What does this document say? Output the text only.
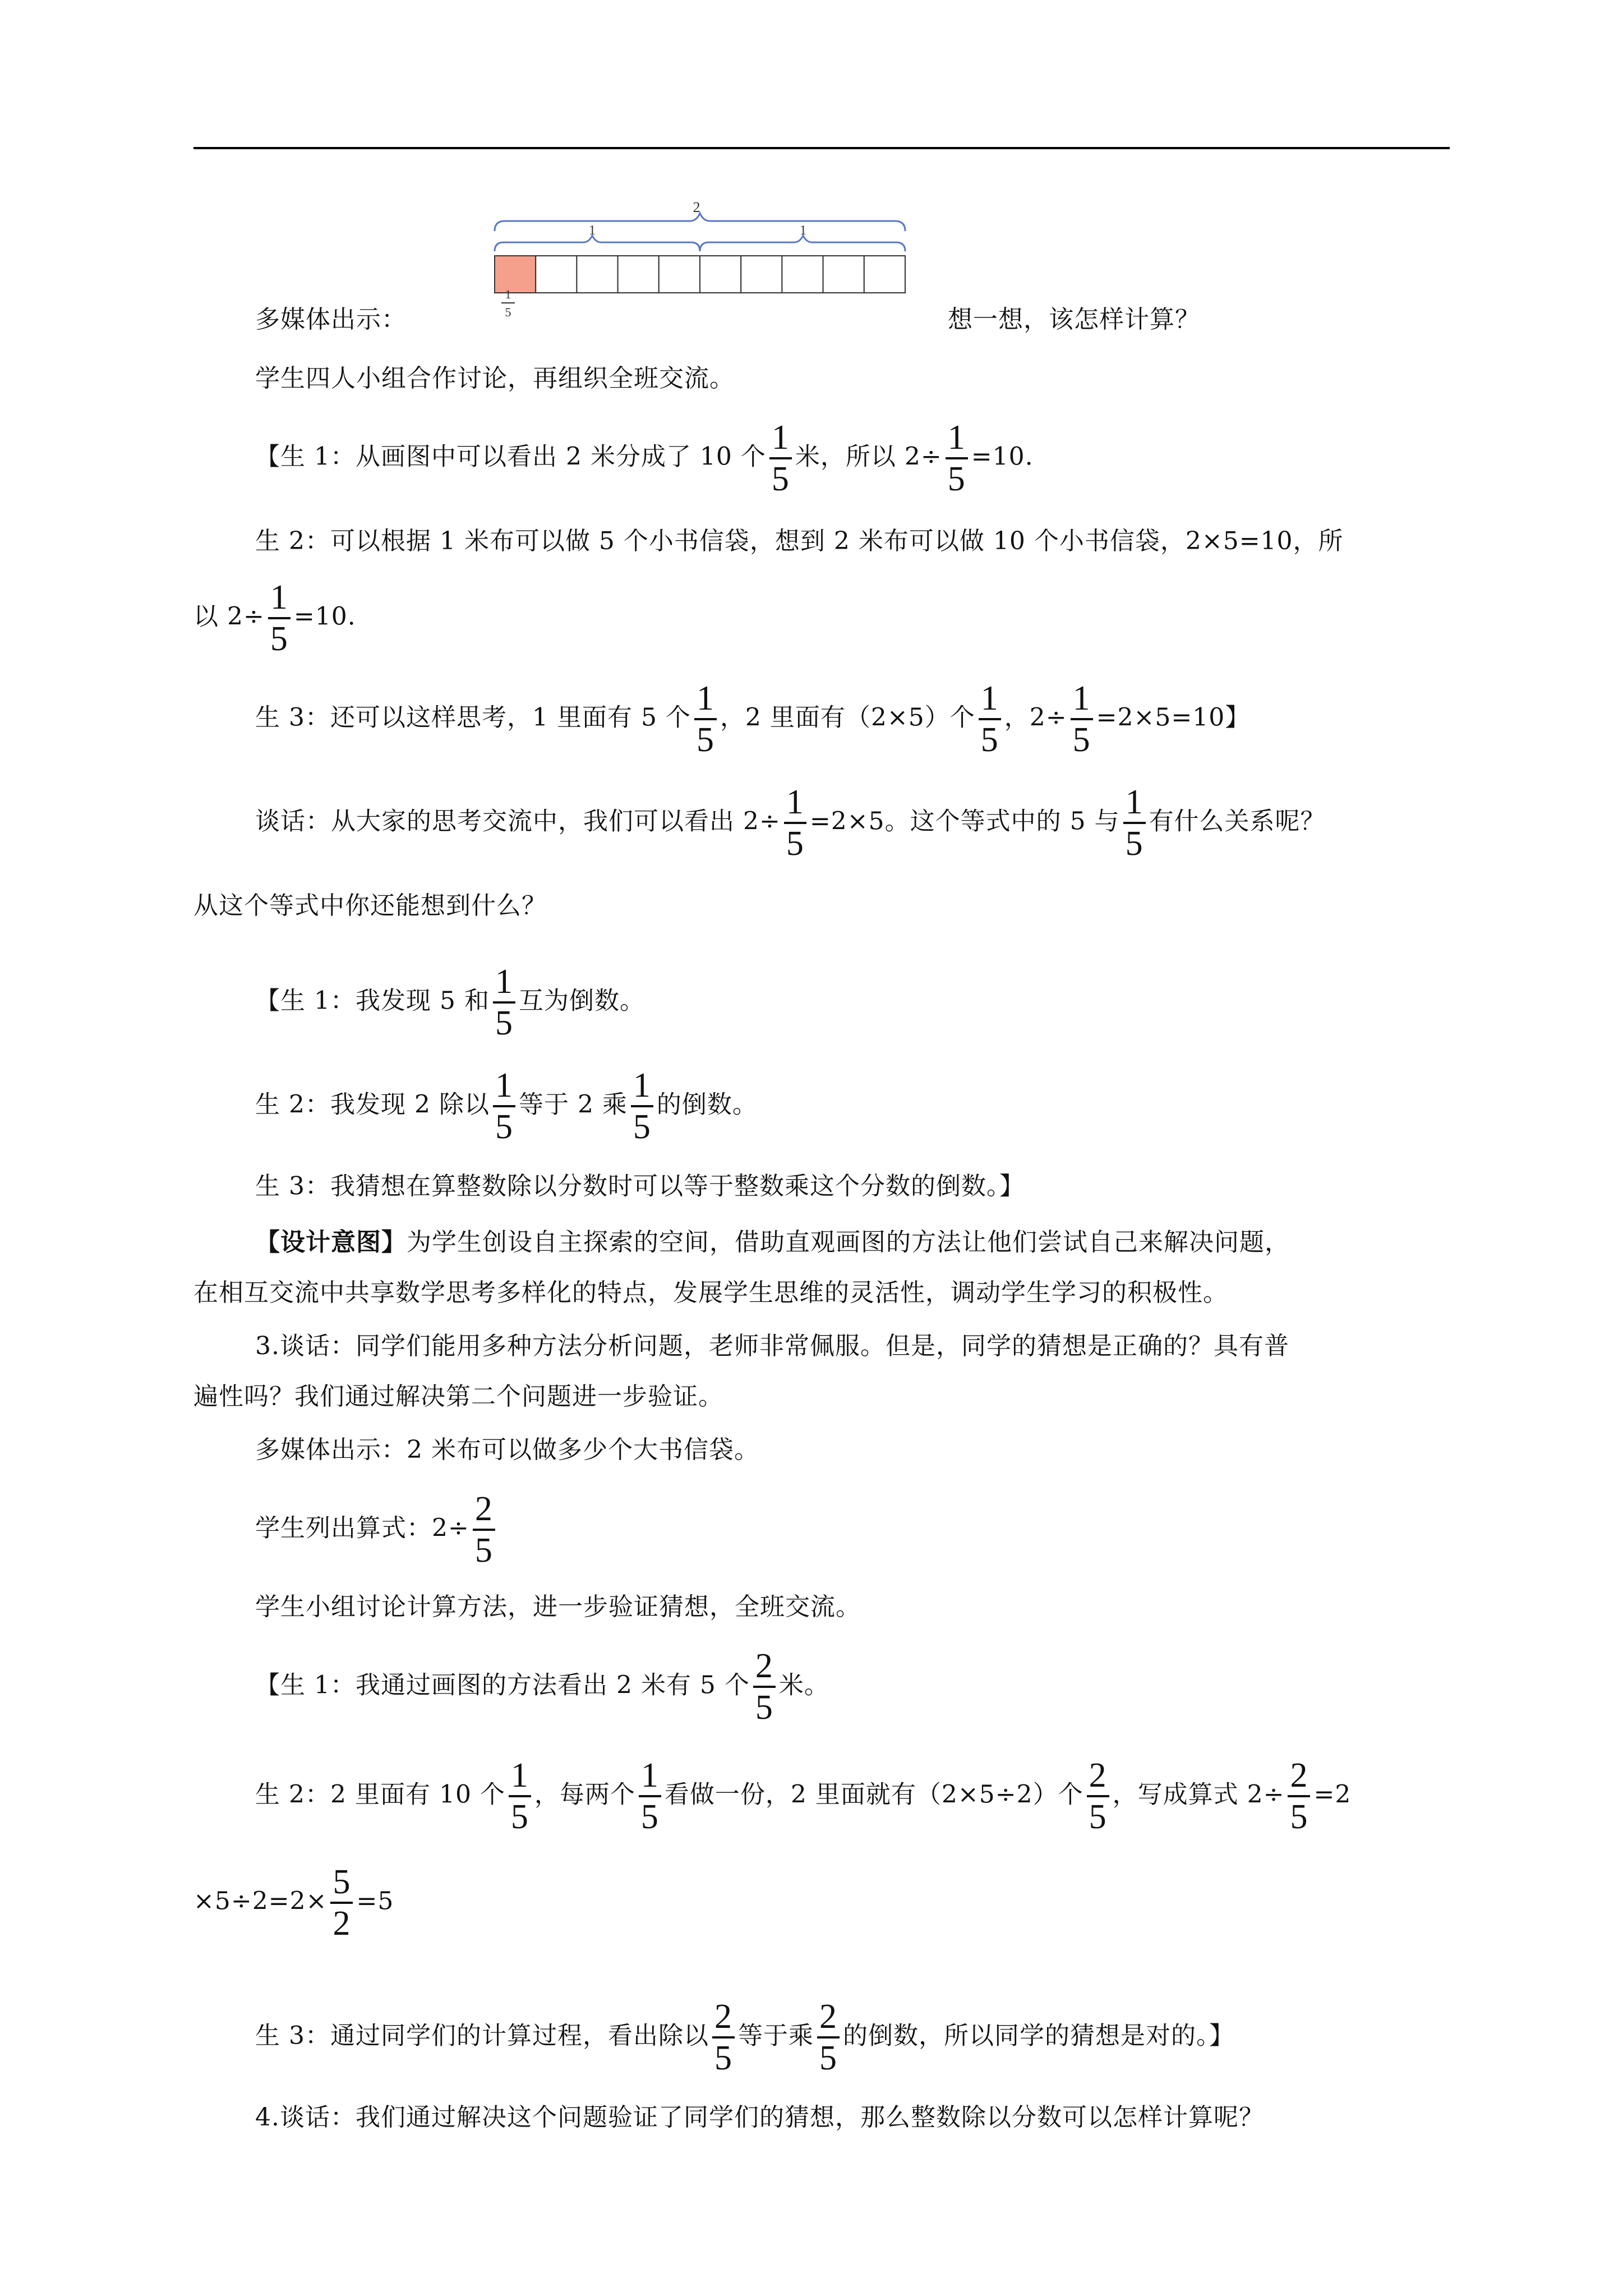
2
1	1
1
5
多媒体出示：	想一想，该怎样计算？
学生四人小组合作讨论，再组织全班交流。
【生 1：从画图中可以看出 2 米分成了 10 个 $\frac{1}{5}$ 米，所以 $2\div \frac{1}{5} =10$.
生 2：可以根据 1 米布可以做 5 个小书信袋，想到 2 米布可以做 10 个小书信袋，2×5=10，所
以 $2\div \frac{1}{5} =10$.
生 3：还可以这样思考，1 里面有 5 个 $\frac{1}{5}$ ，2 里面有（2×5）个 $\frac{1}{5}$ ，$2\div \frac{1}{5} =2\times 5=10$】
谈话：从大家的思考交流中，我们可以看出 $2\div \frac{1}{5} =2\times 5$。这个等式中的 5 与 $\frac{1}{5}$ 有什么关系呢？
从这个等式中你还能想到什么？
【生 1：我发现 5 和 $\frac{1}{5}$ 互为倒数。
生 2：我发现 2 除以 $\frac{1}{5}$ 等于 2 乘 $\frac{1}{5}$ 的倒数。
生 3：我猜想在算整数除以分数时可以等于整数乘这个分数的倒数。】
【设计意图】为学生创设自主探索的空间，借助直观画图的方法让他们尝试自己来解决问题，
在相互交流中共享数学思考多样化的特点，发展学生思维的灵活性，调动学生学习的积极性。
3.谈话：同学们能用多种方法分析问题，老师非常佩服。但是，同学的猜想是正确的？具有普
遍性吗？我们通过解决第二个问题进一步验证。
多媒体出示：2 米布可以做多少个大书信袋。
学生列出算式：$2\div \frac{2}{5}$
学生小组讨论计算方法，进一步验证猜想，全班交流。
【生 1：我通过画图的方法看出 2 米有 5 个 $\frac{2}{5}$ 米。
生 2：2 里面有 10 个 $\frac{1}{5}$ ，每两个 $\frac{1}{5}$ 看做一份，2 里面就有（2×5÷2）个 $\frac{2}{5}$ ，写成算式 $2\div \frac{2}{5} =2$
$\times 5\div 2=2\times \frac{5}{2} =5$
生 3：通过同学们的计算过程，看出除以 $\frac{2}{5}$ 等于乘 $\frac{2}{5}$ 的倒数，所以同学的猜想是对的。】
4.谈话：我们通过解决这个问题验证了同学们的猜想，那么整数除以分数可以怎样计算呢？
